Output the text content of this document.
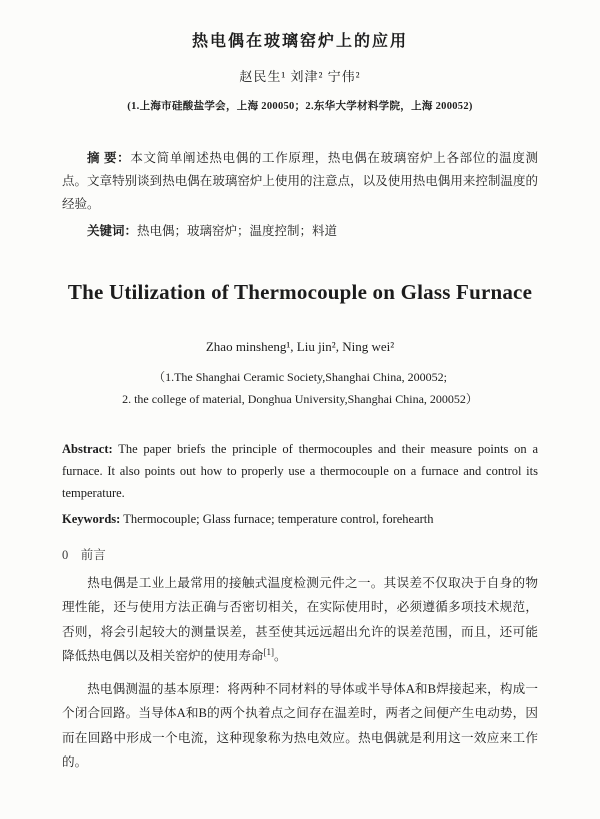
热电偶在玻璃窑炉上的应用
赵民生¹ 刘津² 宁伟²
(1.上海市硅酸盐学会，上海 200050；2.东华大学材料学院，上海 200052)

摘 要：本文简单阐述热电偶的工作原理，热电偶在玻璃窑炉上各部位的温度测点。文章特别谈到热电偶在玻璃窑炉上使用的注意点，以及使用热电偶用来控制温度的经验。

关键词：热电偶；玻璃窑炉；温度控制；料道

The Utilization of Thermocouple on Glass Furnace
Zhao minsheng¹, Liu jin², Ning wei²
（1.The Shanghai Ceramic Society,Shanghai China, 200052;
2. the college of material, Donghua University,Shanghai China, 200052）

Abstract: The paper briefs the principle of thermocouples and their measure points on a furnace. It also points out how to properly use a thermocouple on a furnace and control its temperature.

Keywords: Thermocouple; Glass furnace; temperature control, forehearth

0　前言

热电偶是工业上最常用的接触式温度检测元件之一。其误差不仅取决于自身的物理性能，还与使用方法正确与否密切相关，在实际使用时，必须遵循多项技术规范，否则，将会引起较大的测量误差，甚至使其远远超出允许的误差范围，而且，还可能降低热电偶以及相关窑炉的使用寿命[1]。

热电偶测温的基本原理：将两种不同材料的导体或半导体A和B焊接起来，构成一个闭合回路。当导体A和B的两个执着点之间存在温差时，两者之间便产生电动势，因而在回路中形成一个电流，这种现象称为热电效应。热电偶就是利用这一效应来工作的。
